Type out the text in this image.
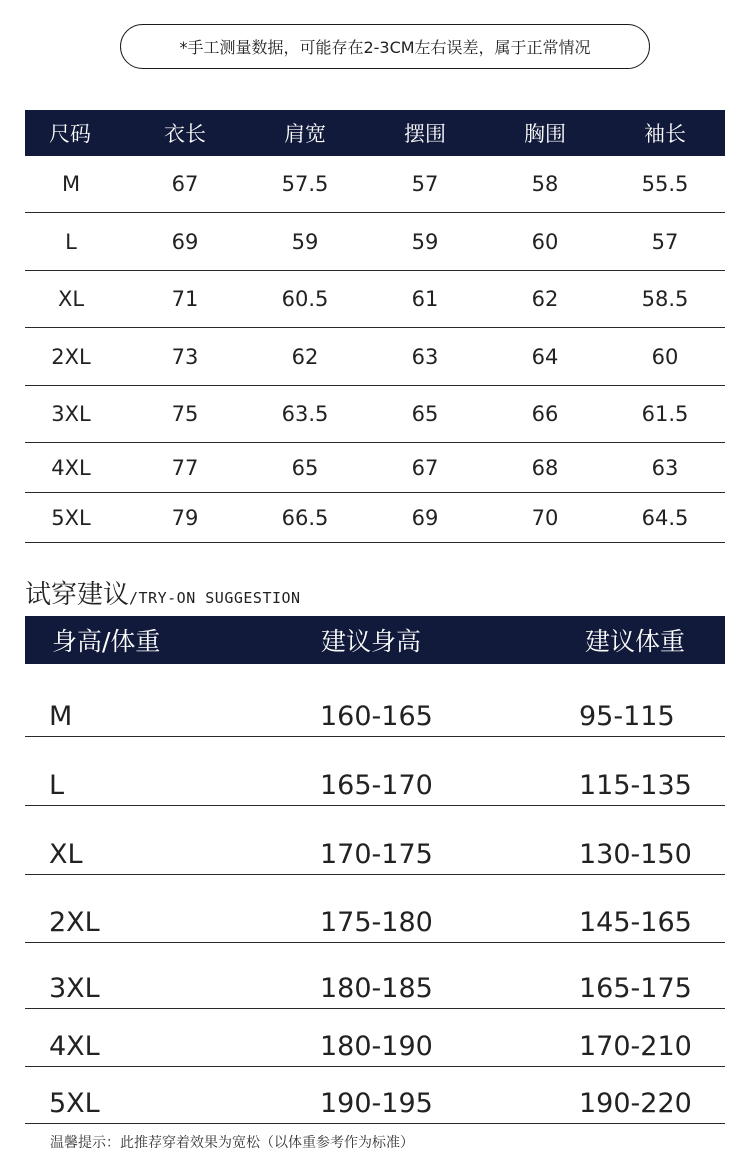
*手工测量数据，可能存在2-3CM左右误差，属于正常情况
尺码	衣长	肩宽	摆围	胸围	袖长
M	67	57.5	57	58	55.5
L	69	59	59	60	57
XL	71	60.5	61	62	58.5
2XL	73	62	63	64	60
3XL	75	63.5	65	66	61.5
4XL	77	65	67	68	63
5XL	79	66.5	69	70	64.5
试穿建议/TRY-ON SUGGESTION
身高/体重	建议身高	建议体重
M	160-165	95-115
L	165-170	115-135
XL	170-175	130-150
2XL	175-180	145-165
3XL	180-185	165-175
4XL	180-190	170-210
5XL	190-195	190-220
温馨提示：此推荐穿着效果为宽松（以体重参考作为标准）
